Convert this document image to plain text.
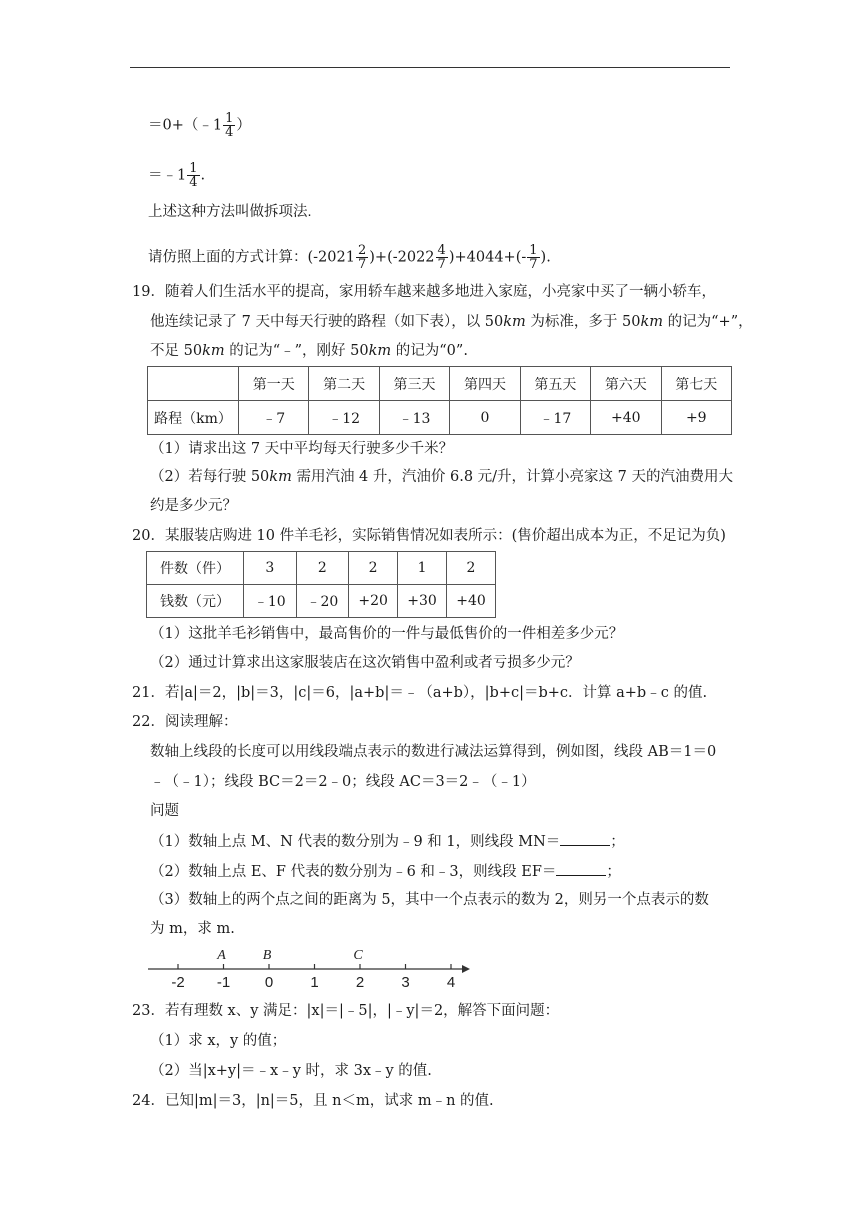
＝0+（﹣1 $\frac{1}{4}$ ）
＝﹣1 $\frac{1}{4}$ .
上述这种方法叫做拆项法.
请仿照上面的方式计算：$(-2021 \frac{2}{7} )+(-2022 \frac{4}{7} )+4044+(- \frac{1}{7}$ ).
19．随着人们生活水平的提高，家用轿车越来越多地进入家庭，小亮家中买了一辆小轿车，
他连续记录了 7 天中每天行驶的路程（如下表），以 50km 为标准，多于 50km 的记为“+”，
不足 50km 的记为“﹣”，刚好 50km 的记为“0”.
	第一天	第二天	第三天	第四天	第五天	第六天	第七天
路程（km）	﹣7	﹣12	﹣13	0	﹣17	+40	+9
（1）请求出这 7 天中平均每天行驶多少千米？
（2）若每行驶 50km 需用汽油 4 升，汽油价 6.8 元/升，计算小亮家这 7 天的汽油费用大
约是多少元？
20．某服装店购进 10 件羊毛衫，实际销售情况如表所示：(售价超出成本为正，不足记为负)
件数（件）	3	2	2	1	2
钱数（元）	﹣10	﹣20	+20	+30	+40
（1）这批羊毛衫销售中，最高售价的一件与最低售价的一件相差多少元？
（2）通过计算求出这家服装店在这次销售中盈利或者亏损多少元？
21．若|a|＝2，|b|＝3，|c|＝6，|a+b|＝﹣（a+b），|b+c|＝b+c．计算 a+b﹣c 的值.
22．阅读理解：
数轴上线段的长度可以用线段端点表示的数进行减法运算得到，例如图，线段 AB＝1＝0
﹣（﹣1）；线段 BC＝2＝2﹣0；线段 AC＝3＝2﹣（﹣1）
问题
（1）数轴上点 M、N 代表的数分别为﹣9 和 1，则线段 MN＝	；
（2）数轴上点 E、F 代表的数分别为﹣6 和﹣3，则线段 EF＝	；
（3）数轴上的两个点之间的距离为 5，其中一个点表示的数为 2，则另一个点表示的数
为 m，求 m.
-2 -1 0 1 2 3 4
A	B	C
23．若有理数 x、y 满足：|x|＝|﹣5|，|﹣y|＝2，解答下面问题：
（1）求 x，y 的值；
（2）当|x+y|＝﹣x﹣y 时，求 3x﹣y 的值.
24．已知|m|＝3，|n|＝5，且 n＜m，试求 m﹣n 的值.
